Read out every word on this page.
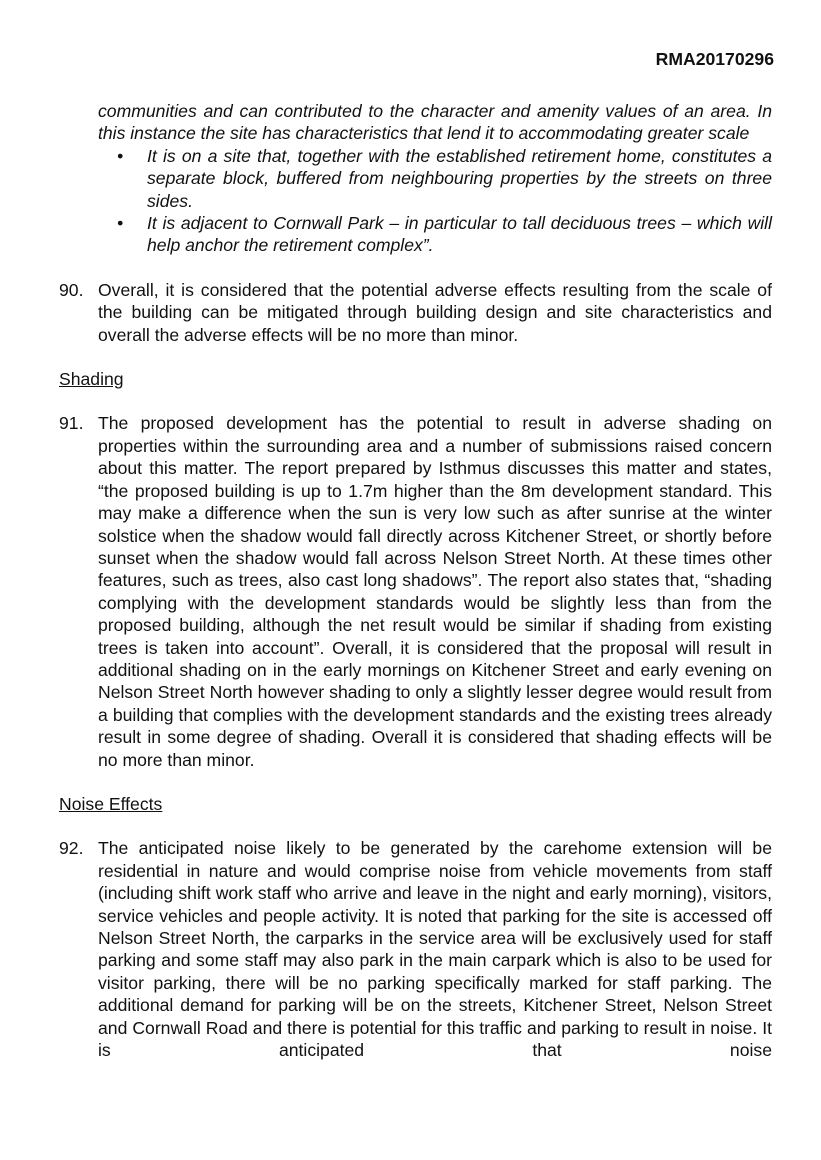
RMA20170296

communities and can contributed to the character and amenity values of an area. In this instance the site has characteristics that lend it to accommodating greater scale

• It is on a site that, together with the established retirement home, constitutes a separate block, buffered from neighbouring properties by the streets on three sides.
• It is adjacent to Cornwall Park – in particular to tall deciduous trees – which will help anchor the retirement complex”.
90. Overall, it is considered that the potential adverse effects resulting from the scale of the building can be mitigated through building design and site characteristics and overall the adverse effects will be no more than minor.

Shading
91. The proposed development has the potential to result in adverse shading on properties within the surrounding area and a number of submissions raised concern about this matter. The report prepared by Isthmus discusses this matter and states, “the proposed building is up to 1.7m higher than the 8m development standard. This may make a difference when the sun is very low such as after sunrise at the winter solstice when the shadow would fall directly across Kitchener Street, or shortly before sunset when the shadow would fall across Nelson Street North. At these times other features, such as trees, also cast long shadows”. The report also states that, “shading complying with the development standards would be slightly less than from the proposed building, although the net result would be similar if shading from existing trees is taken into account”. Overall, it is considered that the proposal will result in additional shading on in the early mornings on Kitchener Street and early evening on Nelson Street North however shading to only a slightly lesser degree would result from a building that complies with the development standards and the existing trees already result in some degree of shading. Overall it is considered that shading effects will be no more than minor.

Noise Effects
92. The anticipated noise likely to be generated by the carehome extension will be residential in nature and would comprise noise from vehicle movements from staff (including shift work staff who arrive and leave in the night and early morning), visitors, service vehicles and people activity. It is noted that parking for the site is accessed off Nelson Street North, the carparks in the service area will be exclusively used for staff parking and some staff may also park in the main carpark which is also to be used for visitor parking, there will be no parking specifically marked for staff parking. The additional demand for parking will be on the streets, Kitchener Street, Nelson Street and Cornwall Road and there is potential for this traffic and parking to result in noise. It is anticipated that noise
